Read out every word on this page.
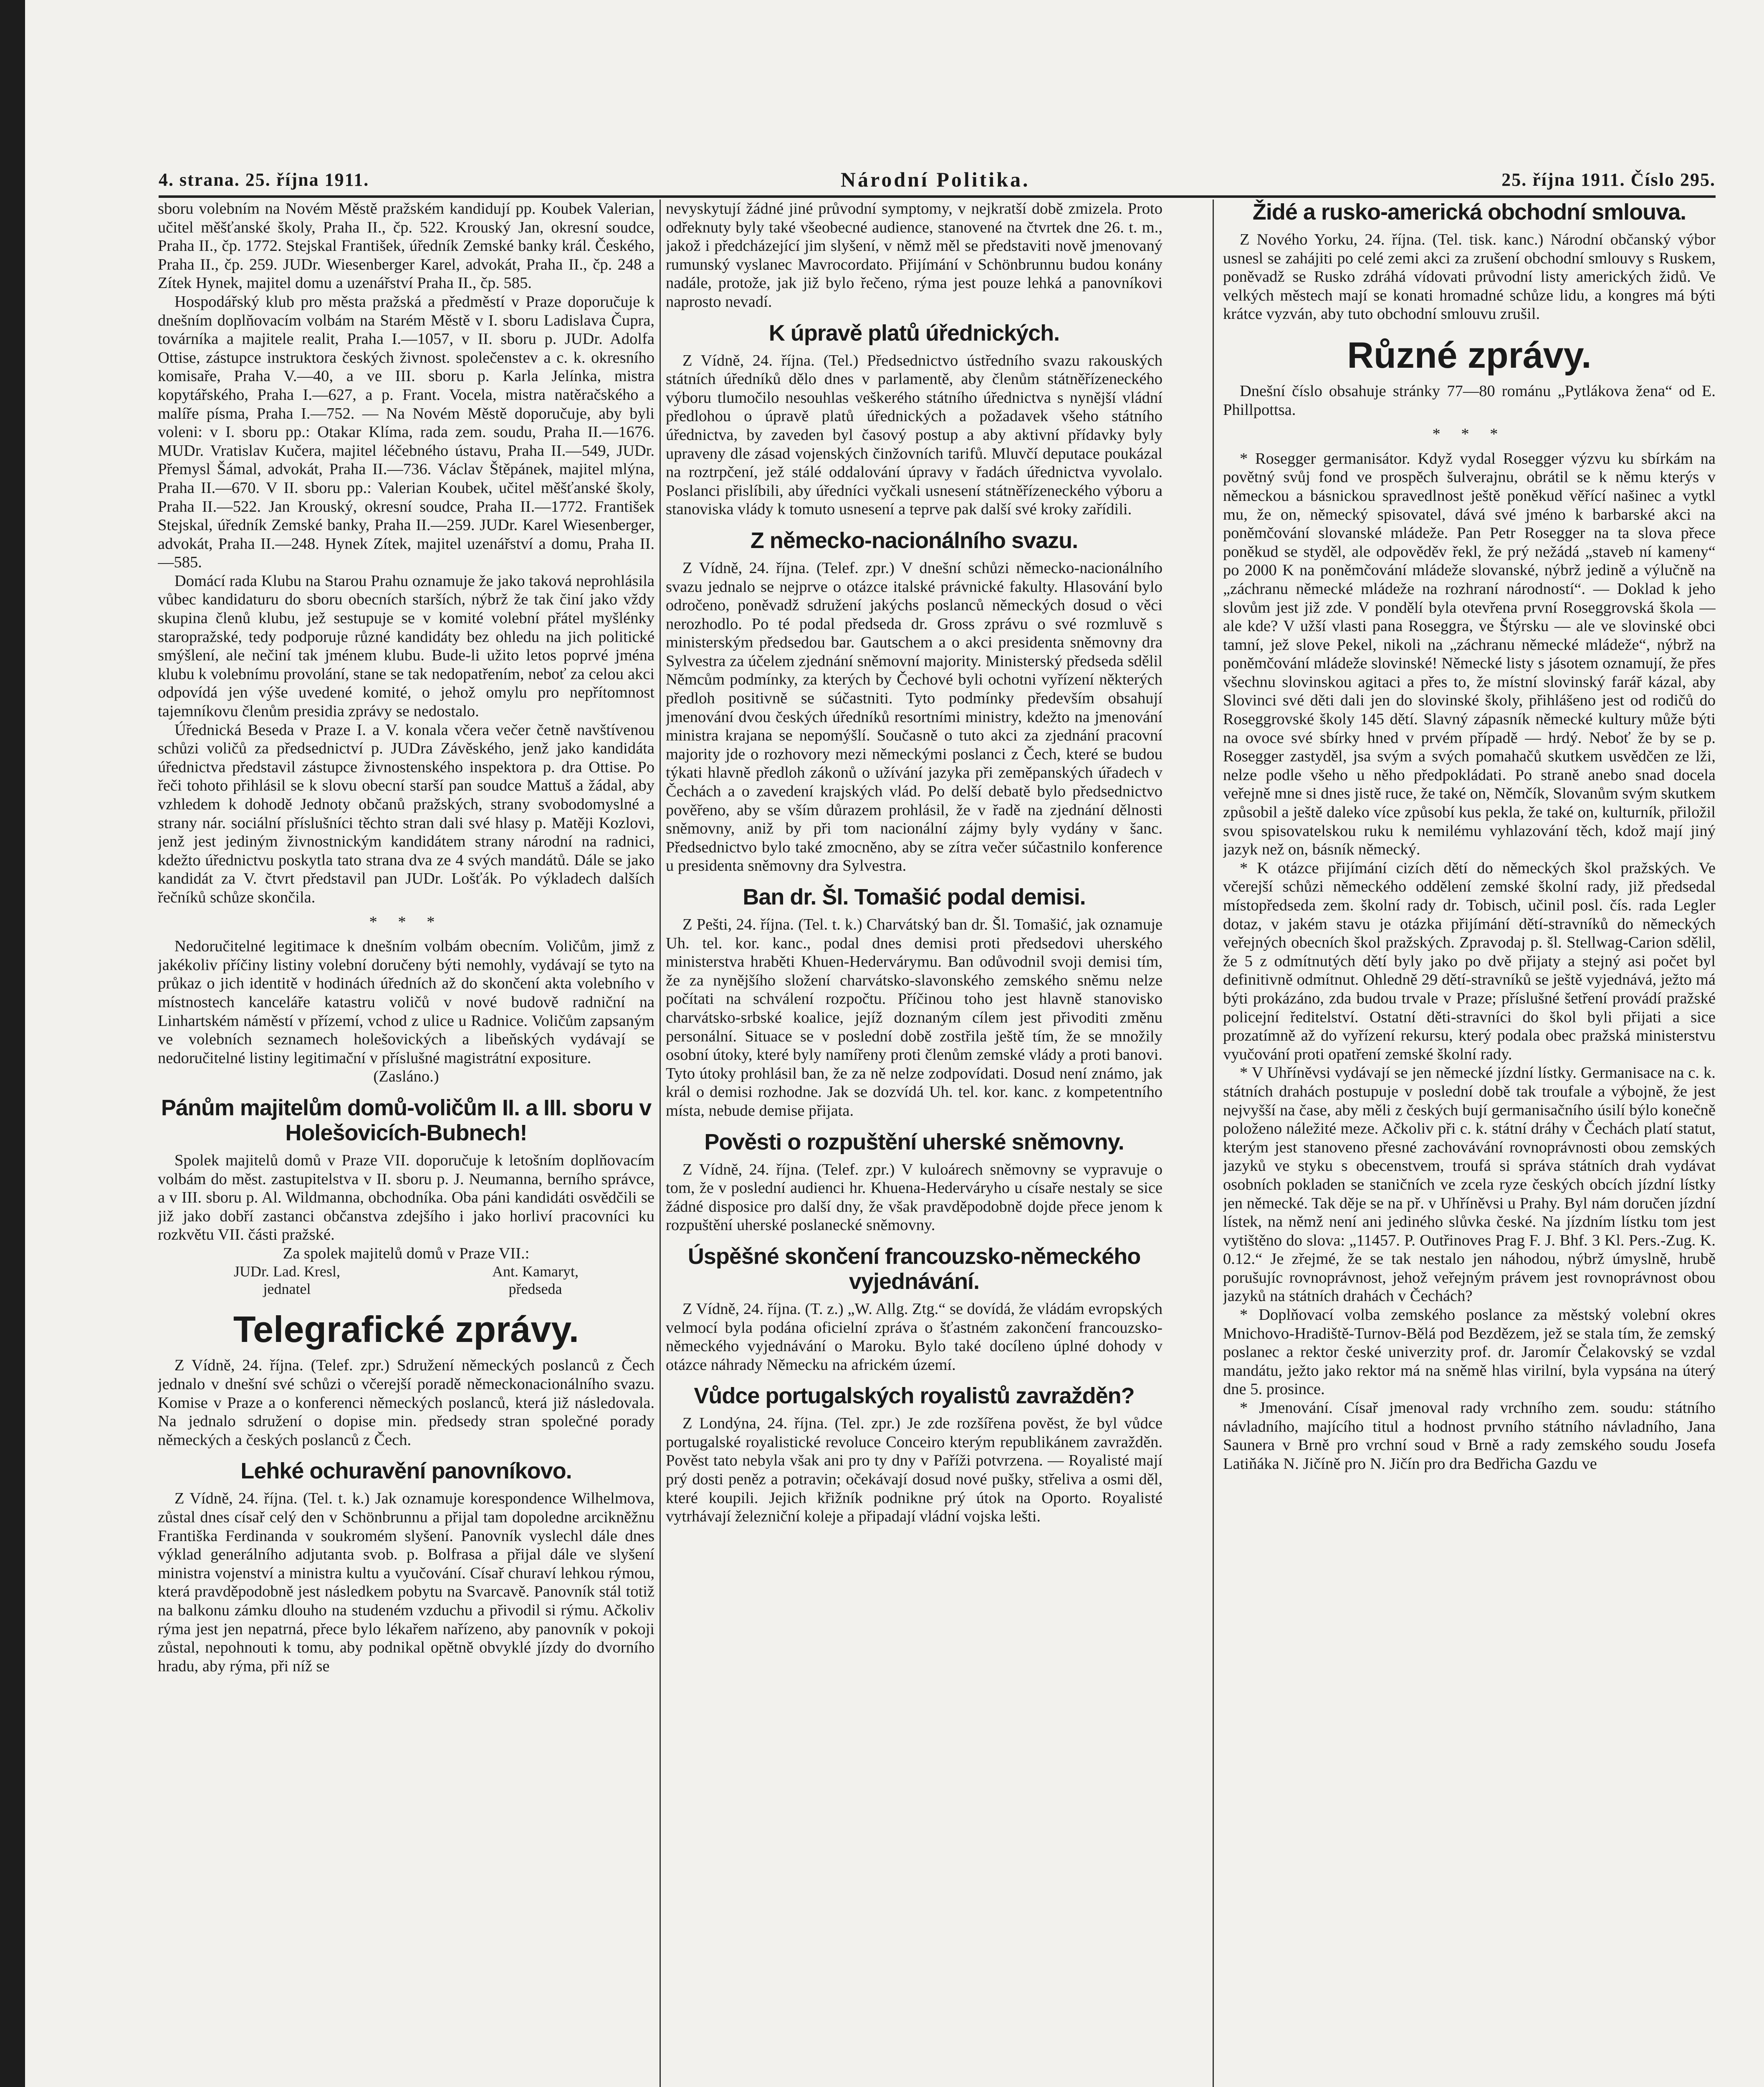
4. strana. 25. října 1911.	Národní Politika.	25. října 1911. Číslo 295.

sboru volebním na Novém Městě pražském kandidují pp. Koubek Valerian, učitel měšťanské školy, Praha II., čp. 522. Krouský Jan, okresní soudce, Praha II., čp. 1772. Stejskal František, úředník Zemské banky král. Českého, Praha II., čp. 259. JUDr. Wiesenberger Karel, advokát, Praha II., čp. 248 a Zítek Hynek, majitel domu a uzenářství Praha II., čp. 585.

Hospodářský klub pro města pražská a předměstí v Praze doporučuje k dnešním doplňovacím volbám na Starém Městě v I. sboru Ladislava Čupra, továrníka a majitele realit, Praha I.—1057, v II. sboru p. JUDr. Adolfa Ottise, zástupce instruktora českých živnost. společenstev a c. k. okresního komisaře, Praha V.—40, a ve III. sboru p. Karla Jelínka, mistra kopytářského, Praha I.—627, a p. Frant. Vocela, mistra natěračského a malíře písma, Praha I.—752. — Na Novém Městě doporučuje, aby byli voleni: v I. sboru pp.: Otakar Klíma, rada zem. soudu, Praha II.—1676. MUDr. Vratislav Kučera, majitel léčebného ústavu, Praha II.—549, JUDr. Přemysl Šámal, advokát, Praha II.—736. Václav Štěpánek, majitel mlýna, Praha II.—670. V II. sboru pp.: Valerian Koubek, učitel měšťanské školy, Praha II.—522. Jan Krouský, okresní soudce, Praha II.—1772. František Stejskal, úředník Zemské banky, Praha II.—259. JUDr. Karel Wiesenberger, advokát, Praha II.—248. Hynek Zítek, majitel uzenářství a domu, Praha II.—585.

Domácí rada Klubu na Starou Prahu oznamuje že jako taková neprohlásila vůbec kandidaturu do sboru obecních starších, nýbrž že tak činí jako vždy skupina členů klubu, jež sestupuje se v komité volební přátel myšlénky staropražské, tedy podporuje různé kandidáty bez ohledu na jich politické smýšlení, ale nečiní tak jménem klubu. Bude-li užito letos poprvé jména klubu k volebnímu provolání, stane se tak nedopatřením, neboť za celou akci odpovídá jen výše uvedené komité, o jehož omylu pro nepřítomnost tajemníkovu členům presidia zprávy se nedostalo.

Úřednická Beseda v Praze I. a V. konala včera večer četně navštívenou schůzi voličů za předsednictví p. JUDra Závěského, jenž jako kandidáta úřednictva představil zástupce živnostenského inspektora p. dra Ottise. Po řeči tohoto přihlásil se k slovu obecní starší pan soudce Mattuš a žádal, aby vzhledem k dohodě Jednoty občanů pražských, strany svobodomyslné a strany nár. sociální příslušníci těchto stran dali své hlasy p. Matěji Kozlovi, jenž jest jediným živnostnickým kandidátem strany národní na radnici, kdežto úřednictvu poskytla tato strana dva ze 4 svých mandátů. Dále se jako kandidát za V. čtvrt představil pan JUDr. Lošťák. Po výkladech dalších řečníků schůze skončila.

* * *

Nedoručitelné legitimace k dnešním volbám obecním. Voličům, jimž z jakékoliv příčiny listiny volební doručeny býti nemohly, vydávají se tyto na průkaz o jich identitě v hodinách úředních až do skončení akta volebního v místnostech kanceláře katastru voličů v nové budově radniční na Linhartském náměstí v přízemí, vchod z ulice u Radnice. Voličům zapsaným ve volebních seznamech holešovických a libeňských vydávají se nedoručitelné listiny legitimační v příslušné magistrátní expositure.

(Zasláno.)
Pánům majitelům domů-voličům II. a III. sboru v Holešovicích-Bubnech!

Spolek majitelů domů v Praze VII. doporučuje k letošním doplňovacím volbám do měst. zastupitelstva v II. sboru p. J. Neumanna, berního správce, a v III. sboru p. Al. Wildmanna, obchodníka. Oba páni kandidáti osvědčili se již jako dobří zastanci občanstva zdejšího i jako horliví pracovníci ku rozkvětu VII. části pražské.

Za spolek majitelů domů v Praze VII.:
JUDr. Lad. Kresl,
jednatel
Ant. Kamaryt,
předseda
Telegrafické zprávy.

Z Vídně, 24. října. (Telef. zpr.) Sdružení německých poslanců z Čech jednalo v dnešní své schůzi o včerejší poradě německonacionálního svazu. Komise v Praze a o konferenci německých poslanců, která již následovala. Na jednalo sdružení o dopise min. předsedy stran společné porady německých a českých poslanců z Čech.

Lehké ochuravění panovníkovo.

Z Vídně, 24. října. (Tel. t. k.) Jak oznamuje korespondence Wilhelmova, zůstal dnes císař celý den v Schönbrunnu a přijal tam dopoledne arcikněžnu Františka Ferdinanda v soukromém slyšení. Panovník vyslechl dále dnes výklad generálního adjutanta svob. p. Bolfrasa a přijal dále ve slyšení ministra vojenství a ministra kultu a vyučování. Císař churaví lehkou rýmou, která pravděpodobně jest následkem pobytu na Svarcavě. Panovník stál totiž na balkonu zámku dlouho na studeném vzduchu a přivodil si rýmu. Ačkoliv rýma jest jen nepatrná, přece bylo lékařem nařízeno, aby panovník v pokoji zůstal, nepohnouti k tomu, aby podnikal opětně obvyklé jízdy do dvorního hradu, aby rýma, při níž se

nevyskytují žádné jiné průvodní symptomy, v nejkratší době zmizela. Proto odřeknuty byly také všeobecné audience, stanovené na čtvrtek dne 26. t. m., jakož i předcházející jim slyšení, v němž měl se představiti nově jmenovaný rumunský vyslanec Mavrocordato. Přijímání v Schönbrunnu budou konány nadále, protože, jak již bylo řečeno, rýma jest pouze lehká a panovníkovi naprosto nevadí.

K úpravě platů úřednických.

Z Vídně, 24. října. (Tel.) Předsednictvo ústředního svazu rakouských státních úředníků dělo dnes v parlamentě, aby členům státněřízeneckého výboru tlumočilo nesouhlas veškerého státního úřednictva s nynější vládní předlohou o úpravě platů úřednických a požadavek všeho státního úřednictva, by zaveden byl časový postup a aby aktivní přídavky byly upraveny dle zásad vojenských činžovních tarifů. Mluvčí deputace poukázal na roztrpčení, jež stálé oddalování úpravy v řadách úřednictva vyvolalo. Poslanci přislíbili, aby úředníci vyčkali usnesení státněřízeneckého výboru a stanoviska vlády k tomuto usnesení a teprve pak další své kroky zařídili.

Z německo-nacionálního svazu.

Z Vídně, 24. října. (Telef. zpr.) V dnešní schůzi německo-nacionálního svazu jednalo se nejprve o otázce italské právnické fakulty. Hlasování bylo odročeno, poněvadž sdružení jakýchs poslanců německých dosud o věci nerozhodlo. Po té podal předseda dr. Gross zprávu o své rozmluvě s ministerským předsedou bar. Gautschem a o akci presidenta sněmovny dra Sylvestra za účelem zjednání sněmovní majority. Ministerský předseda sdělil Němcům podmínky, za kterých by Čechové byli ochotni vyřízení některých předloh positivně se súčastniti. Tyto podmínky především obsahují jmenování dvou českých úředníků resortními ministry, kdežto na jmenování ministra krajana se nepomýšlí. Současně o tuto akci za zjednání pracovní majority jde o rozhovory mezi německými poslanci z Čech, které se budou týkati hlavně předloh zákonů o užívání jazyka při zeměpanských úřadech v Čechách a o zavedení krajských vlád. Po delší debatě bylo předsednictvo pověřeno, aby se vším důrazem prohlásil, že v řadě na zjednání dělnosti sněmovny, aniž by při tom nacionální zájmy byly vydány v šanc. Předsednictvo bylo také zmocněno, aby se zítra večer súčastnilo konference u presidenta sněmovny dra Sylvestra.

Ban dr. Šl. Tomašić podal demisi.

Z Pešti, 24. října. (Tel. t. k.) Charvátský ban dr. Šl. Tomašić, jak oznamuje Uh. tel. kor. kanc., podal dnes demisi proti předsedovi uherského ministerstva hraběti Khuen-Hedervárymu. Ban odůvodnil svoji demisi tím, že za nynějšího složení charvátsko-slavonského zemského sněmu nelze počítati na schválení rozpočtu. Příčinou toho jest hlavně stanovisko charvátsko-srbské koalice, jejíž doznaným cílem jest přivoditi změnu personální. Situace se v poslední době zostřila ještě tím, že se množily osobní útoky, které byly namířeny proti členům zemské vlády a proti banovi. Tyto útoky prohlásil ban, že za ně nelze zodpovídati. Dosud není známo, jak král o demisi rozhodne. Jak se dozvídá Uh. tel. kor. kanc. z kompetentního místa, nebude demise přijata.

Pověsti o rozpuštění uherské sněmovny.

Z Vídně, 24. října. (Telef. zpr.) V kuloárech sněmovny se vypravuje o tom, že v poslední audienci hr. Khuena-Hederváryho u císaře nestaly se sice žádné disposice pro další dny, že však pravděpodobně dojde přece jenom k rozpuštění uherské poslanecké sněmovny.

Úspěšné skončení francouzsko-německého vyjednávání.

Z Vídně, 24. října. (T. z.) „W. Allg. Ztg.“ se dovídá, že vládám evropských velmocí byla podána oficielní zpráva o šťastném zakončení francouzsko-německého vyjednávání o Maroku. Bylo také docíleno úplné dohody v otázce náhrady Německu na africkém území.

Vůdce portugalských royalistů zavražděn?

Z Londýna, 24. října. (Tel. zpr.) Je zde rozšířena pověst, že byl vůdce portugalské royalistické revoluce Conceiro kterým republikánem zavražděn. Pověst tato nebyla však ani pro ty dny v Paříži potvrzena. — Royalisté mají prý dosti peněz a potravin; očekávají dosud nové pušky, střeliva a osmi děl, které koupili. Jejich křižník podnikne prý útok na Oporto. Royalisté vytrhávají železniční koleje a připadají vládní vojska lešti.

Židé a rusko-americká obchodní smlouva.

Z Nového Yorku, 24. října. (Tel. tisk. kanc.) Národní občanský výbor usnesl se zahájiti po celé zemi akci za zrušení obchodní smlouvy s Ruskem, poněvadž se Rusko zdráhá vídovati průvodní listy amerických židů. Ve velkých městech mají se konati hromadné schůze lidu, a kongres má býti krátce vyzván, aby tuto obchodní smlouvu zrušil.

Různé zprávy.

Dnešní číslo obsahuje stránky 77—80 románu „Pytlákova žena“ od E. Phillpottsa.

* * *

* Rosegger germanisátor. Když vydal Rosegger výzvu ku sbírkám na povětný svůj fond ve prospěch šulverajnu, obrátil se k němu kterýs v německou a básnickou spravedlnost ještě poněkud věřící našinec a vytkl mu, že on, německý spisovatel, dává své jméno k barbarské akci na poněmčování slovanské mládeže. Pan Petr Rosegger na ta slova přece poněkud se styděl, ale odpověděv řekl, že prý nežádá „staveb ní kameny“ po 2000 K na poněmčování mládeže slovanské, nýbrž jedině a výlučně na „záchranu německé mládeže na rozhraní národností“. — Doklad k jeho slovům jest již zde. V pondělí byla otevřena první Roseggrovská škola — ale kde? V užší vlasti pana Roseggra, ve Štýrsku — ale ve slovinské obci tamní, jež slove Pekel, nikoli na „záchranu německé mládeže“, nýbrž na poněmčování mládeže slovinské! Německé listy s jásotem oznamují, že přes všechnu slovinskou agitaci a přes to, že místní slovinský farář kázal, aby Slovinci své děti dali jen do slovinské školy, přihlášeno jest od rodičů do Roseggrovské školy 145 dětí. Slavný zápasník německé kultury může býti na ovoce své sbírky hned v prvém případě — hrdý. Neboť že by se p. Rosegger zastyděl, jsa svým a svých pomahačů skutkem usvědčen ze lži, nelze podle všeho u něho předpokládati. Po straně anebo snad docela veřejně mne si dnes jistě ruce, že také on, Němčík, Slovanům svým skutkem způsobil a ještě daleko více způsobí kus pekla, že také on, kulturník, přiložil svou spisovatelskou ruku k nemilému vyhlazování těch, kdož mají jiný jazyk než on, básník německý.

* K otázce přijímání cizích dětí do německých škol pražských. Ve včerejší schůzi německého oddělení zemské školní rady, již předsedal místopředseda zem. školní rady dr. Tobisch, učinil posl. čís. rada Legler dotaz, v jakém stavu je otázka přijímání dětí-stravníků do německých veřejných obecních škol pražských. Zpravodaj p. šl. Stellwag-Carion sdělil, že 5 z odmítnutých dětí byly jako po dvě přijaty a stejný asi počet byl definitivně odmítnut. Ohledně 29 dětí-stravníků se ještě vyjednává, ježto má býti prokázáno, zda budou trvale v Praze; příslušné šetření provádí pražské policejní ředitelství. Ostatní děti-stravníci do škol byli přijati a sice prozatímně až do vyřízení rekursu, který podala obec pražská ministerstvu vyučování proti opatření zemské školní rady.

* V Uhříněvsi vydávají se jen německé jízdní lístky. Germanisace na c. k. státních drahách postupuje v poslední době tak troufale a výbojně, že jest nejvyšší na čase, aby měli z českých bují germanisačního úsilí býlo konečně položeno náležité meze. Ačkoliv při c. k. státní dráhy v Čechách platí statut, kterým jest stanoveno přesné zachovávání rovnoprávnosti obou zemských jazyků ve styku s obecenstvem, troufá si správa státních drah vydávat osobních pokladen se staničních ve zcela ryze českých obcích jízdní lístky jen německé. Tak děje se na př. v Uhříněvsi u Prahy. Byl nám doručen jízdní lístek, na němž není ani jediného slůvka české. Na jízdním lístku tom jest vytištěno do slova: „11457. P. Outřinoves Prag F. J. Bhf. 3 Kl. Pers.-Zug. K. 0.12.“ Je zřejmé, že se tak nestalo jen náhodou, nýbrž úmyslně, hrubě porušujíc rovnoprávnost, jehož veřejným právem jest rovnoprávnost obou jazyků na státních drahách v Čechách?

* Doplňovací volba zemského poslance za městský volební okres Mnichovo-Hradiště-Turnov-Bělá pod Bezdězem, jež se stala tím, že zemský poslanec a rektor české univerzity prof. dr. Jaromír Čelakovský se vzdal mandátu, ježto jako rektor má na sněmě hlas virilní, byla vypsána na úterý dne 5. prosince.

* Jmenování. Císař jmenoval rady vrchního zem. soudu: státního návladního, majícího titul a hodnost prvního státního návladního, Jana Saunera v Brně pro vrchní soud v Brně a rady zemského soudu Josefa Latiňáka N. Jičíně pro N. Jičín pro dra Bedřicha Gazdu ve
